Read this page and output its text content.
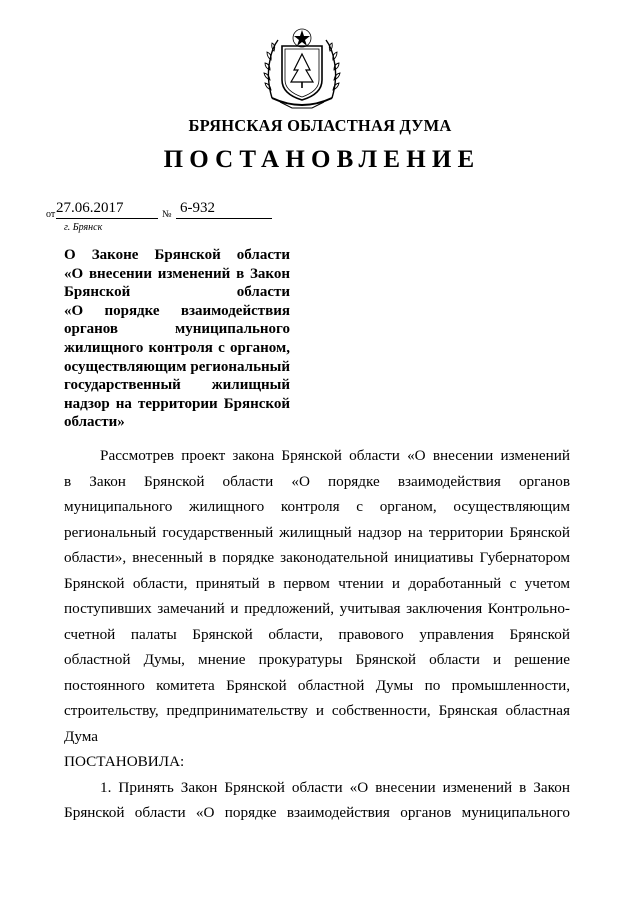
БРЯНСКАЯ ОБЛАСТНАЯ ДУМА
ПОСТАНОВЛЕНИЕ
от 27.06.2017	№ 6-932
г. Брянск
О Законе Брянской области
«О внесении изменений в Закон
Брянской области
«О порядке взаимодействия
органов муниципального
жилищного контроля с органом,
осуществляющим региональный
государственный жилищный
надзор на территории Брянской
области»
Рассмотрев проект закона Брянской области «О внесении изменений
в Закон Брянской области «О порядке взаимодействия органов
муниципального жилищного контроля с органом, осуществляющим
региональный государственный жилищный надзор на территории Брянской
области», внесенный в порядке законодательной инициативы Губернатором
Брянской области, принятый в первом чтении и доработанный с учетом
поступивших замечаний и предложений, учитывая заключения Контрольно-
счетной палаты Брянской области, правового управления Брянской
областной Думы, мнение прокуратуры Брянской области и решение
постоянного комитета Брянской областной Думы по промышленности,
строительству, предпринимательству и собственности, Брянская областная
Дума
ПОСТАНОВИЛА:
1. Принять Закон Брянской области «О внесении изменений в Закон
Брянской области «О порядке взаимодействия органов муниципального
